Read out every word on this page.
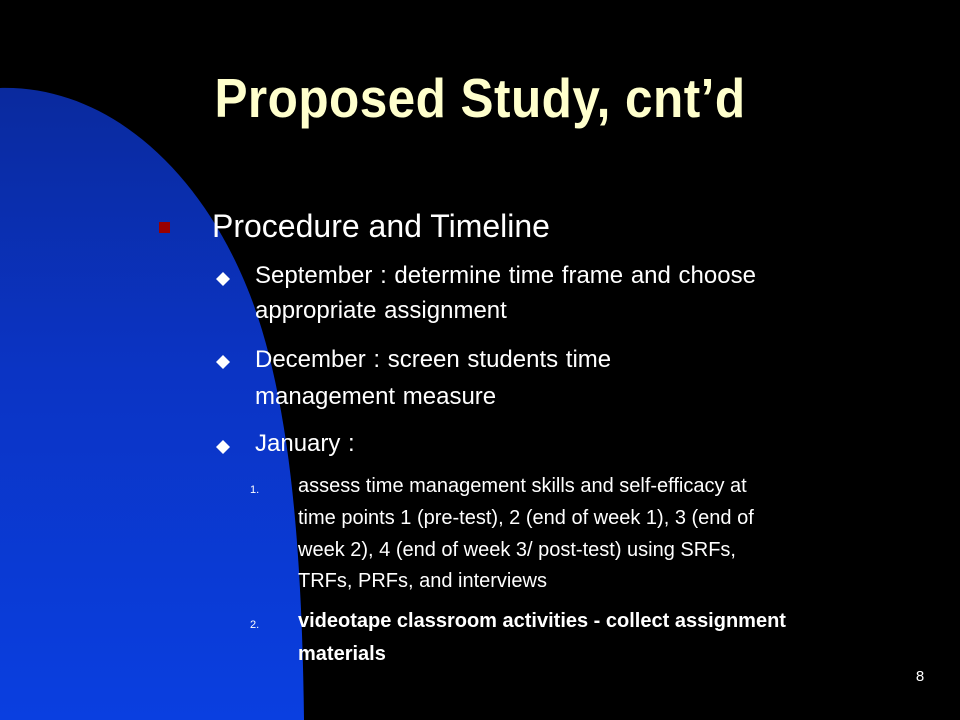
Proposed Study, cnt’d

Procedure and Timeline

September : determine time frame and choose

appropriate assignment

December : screen students time

management measure

January :

1. assess time management skills and self-efficacy at

time points 1 (pre-test), 2 (end of week 1), 3 (end of

week 2), 4 (end of week 3/ post-test) using SRFs,

TRFs, PRFs, and interviews

2. videotape classroom activities - collect assignment

materials

8
